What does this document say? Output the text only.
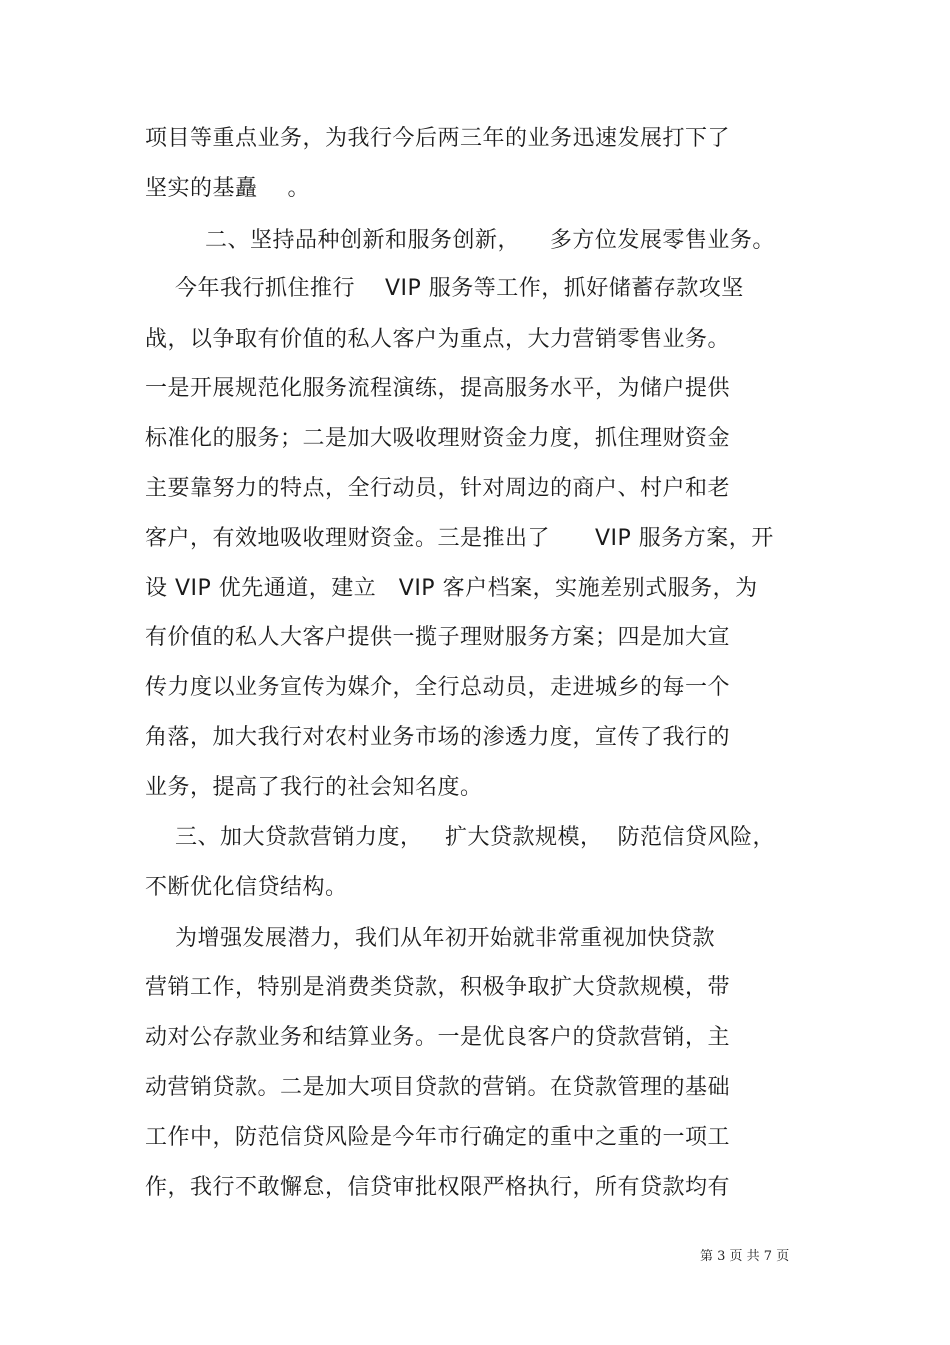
项目等重点业务，为我行今后两三年的业务迅速发展打下了
坚实的基矗    。
二、坚持品种创新和服务创新，    多方位发展零售业务。
今年我行抓住推行    VIP 服务等工作，抓好储蓄存款攻坚
战，以争取有价值的私人客户为重点，大力营销零售业务。
一是开展规范化服务流程演练，提高服务水平，为储户提供
标准化的服务；二是加大吸收理财资金力度，抓住理财资金
主要靠努力的特点，全行动员，针对周边的商户、村户和老
客户，有效地吸收理财资金。三是推出了      VIP 服务方案，开
设 VIP 优先通道，建立   VIP 客户档案，实施差别式服务，为
有价值的私人大客户提供一揽子理财服务方案；四是加大宣
传力度以业务宣传为媒介，全行总动员，走进城乡的每一个
角落，加大我行对农村业务市场的渗透力度，宣传了我行的
业务，提高了我行的社会知名度。
三、加大贷款营销力度，   扩大贷款规模，  防范信贷风险，
不断优化信贷结构。
为增强发展潜力，我们从年初开始就非常重视加快贷款
营销工作，特别是消费类贷款，积极争取扩大贷款规模，带
动对公存款业务和结算业务。一是优良客户的贷款营销，主
动营销贷款。二是加大项目贷款的营销。在贷款管理的基础
工作中，防范信贷风险是今年市行确定的重中之重的一项工
作，我行不敢懈怠，信贷审批权限严格执行，所有贷款均有
第 3 页 共 7 页
